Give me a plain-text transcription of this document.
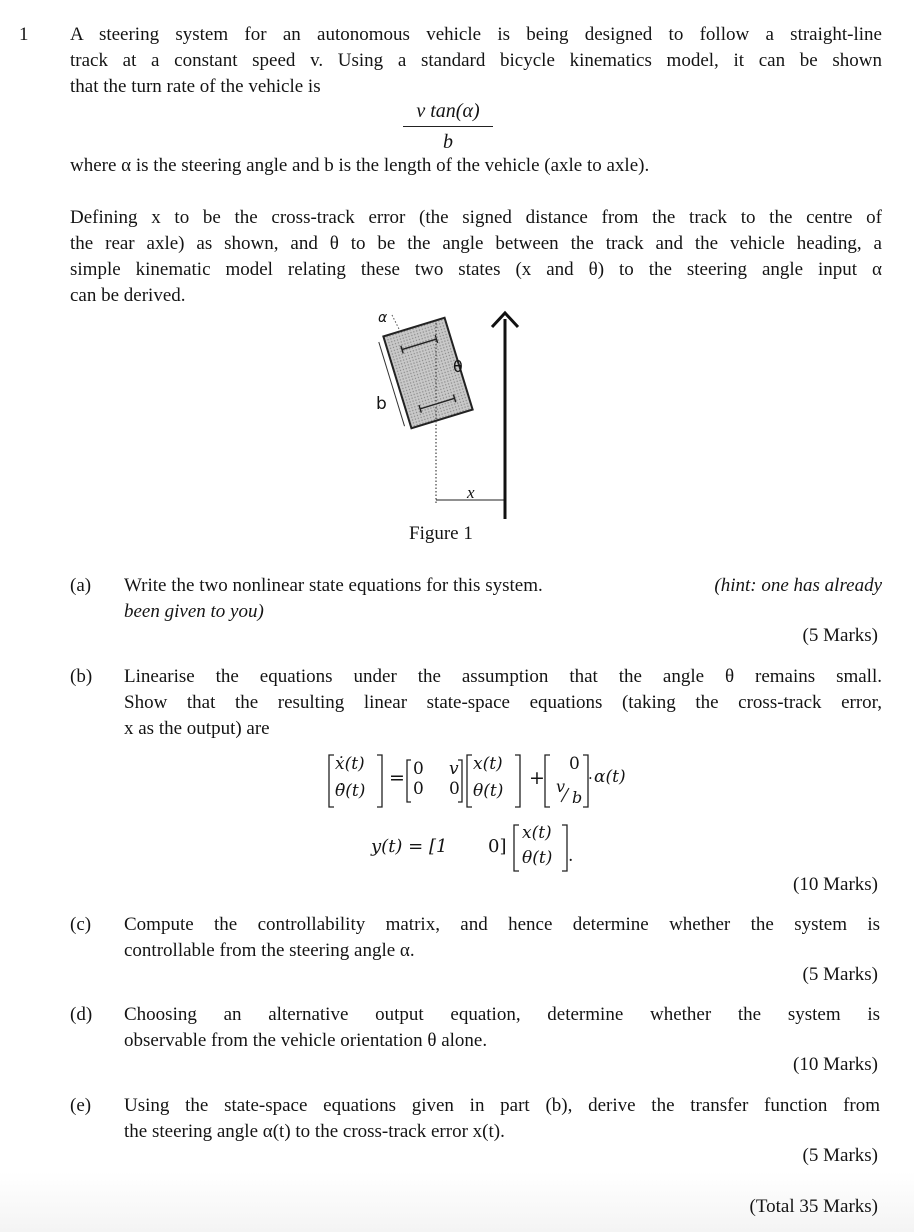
1 A steering system for an autonomous vehicle is being designed to follow a straight-line
track at a constant speed v. Using a standard bicycle kinematics model, it can be shown
that the turn rate of the vehicle is
v tan(α)
b
where α is the steering angle and b is the length of the vehicle (axle to axle).
Defining x to be the cross-track error (the signed distance from the track to the centre of
the rear axle) as shown, and θ to be the angle between the track and the vehicle heading, a
simple kinematic model relating these two states (x and θ) to the steering angle input α
can be derived.
α
θ
b
x
Figure 1
(a) Write the two nonlinear state equations for this system.	(hint: one has already
been given to you)
(5 Marks)
(b) Linearise the equations under the assumption that the angle θ remains small.
Show that the resulting linear state-space equations (taking the cross-track error,
x as the output) are
ẋ(t)
θ̇(t)
= 0 v
0 0
x(t)
θ(t)
+
0
v
b
· α(t)
y(t) = [1 0]
x(t)
θ(t) .
(10 Marks)
(c) Compute the controllability matrix, and hence determine whether the system is
controllable from the steering angle α.
(5 Marks)
(d) Choosing an alternative output equation, determine whether the system is
observable from the vehicle orientation θ alone.
(10 Marks)
(e) Using the state-space equations given in part (b), derive the transfer function from
the steering angle α(t) to the cross-track error x(t).
(5 Marks)
(Total 35 Marks)
